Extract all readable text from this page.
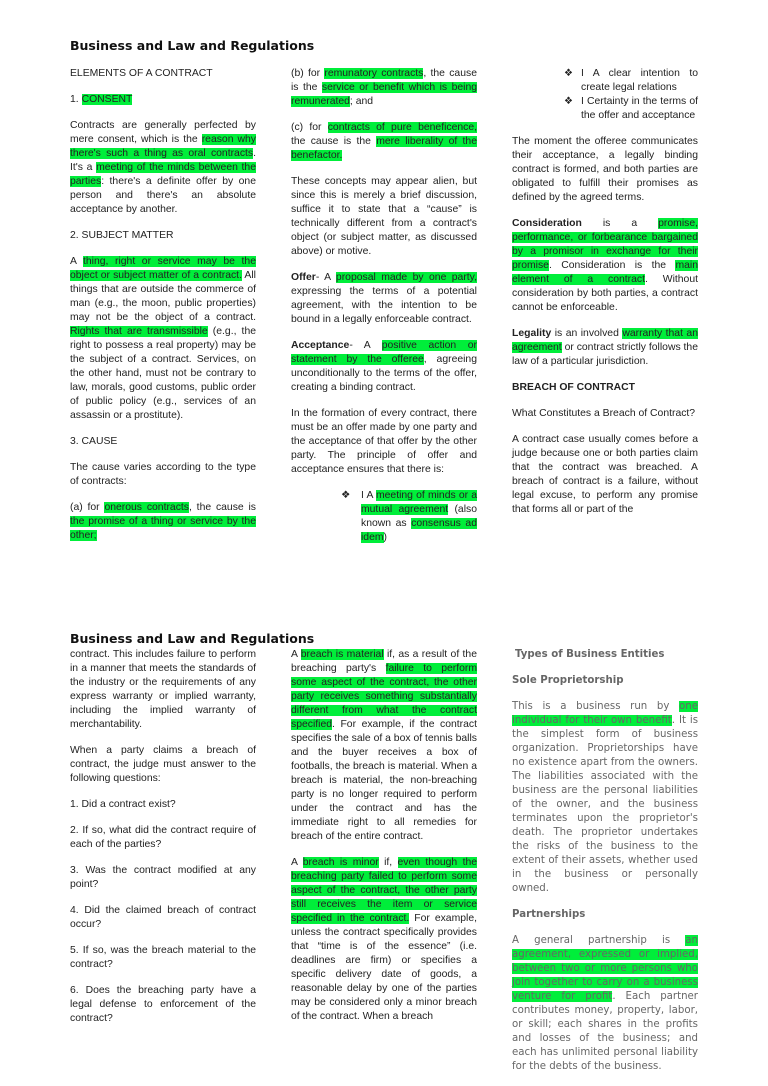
Business and Law and Regulations

ELEMENTS OF A CONTRACT

1. CONSENT

Contracts are generally perfected by mere consent, which is the reason why there's such a thing as oral contracts. It's a meeting of the minds between the parties: there's a definite offer by one person and there's an absolute acceptance by another.

2. SUBJECT MATTER

A thing, right or service may be the object or subject matter of a contract. All things that are outside the commerce of man (e.g., the moon, public properties) may not be the object of a contract. Rights that are transmissible (e.g., the right to possess a real property) may be the subject of a contract. Services, on the other hand, must not be contrary to law, morals, good customs, public order of public policy (e.g., services of an assassin or a prostitute).

3. CAUSE

The cause varies according to the type of contracts:

(a) for onerous contracts, the cause is the promise of a thing or service by the other;

(b) for remunatory contracts, the cause is the service or benefit which is being remunerated; and

(c) for contracts of pure beneficence, the cause is the mere liberality of the benefactor.

These concepts may appear alien, but since this is merely a brief discussion, suffice it to state that a “cause” is technically different from a contract's object (or subject matter, as discussed above) or motive.

Offer- A proposal made by one party, expressing the terms of a potential agreement, with the intention to be bound in a legally enforceable contract.

Acceptance- A positive action or statement by the offeree, agreeing unconditionally to the terms of the offer, creating a binding contract.

In the formation of every contract, there must be an offer made by one party and the acceptance of that offer by the other party. The principle of offer and acceptance ensures that there is:

❖ I A meeting of minds or a mutual agreement (also known as consensus ad idem)
❖ I A clear intention to create legal relations
❖ I Certainty in the terms of the offer and acceptance

The moment the offeree communicates their acceptance, a legally binding contract is formed, and both parties are obligated to fulfill their promises as defined by the agreed terms.

Consideration is a promise, performance, or forbearance bargained by a promisor in exchange for their promise. Consideration is the main element of a contract. Without consideration by both parties, a contract cannot be enforceable.

Legality is an involved warranty that an agreement or contract strictly follows the law of a particular jurisdiction.

BREACH OF CONTRACT

What Constitutes a Breach of Contract?

A contract case usually comes before a judge because one or both parties claim that the contract was breached. A breach of contract is a failure, without legal excuse, to perform any promise that forms all or part of the

Business and Law and Regulations

contract. This includes failure to perform in a manner that meets the standards of the industry or the requirements of any express warranty or implied warranty, including the implied warranty of merchantability.

When a party claims a breach of contract, the judge must answer to the following questions:

1. Did a contract exist?

2. If so, what did the contract require of each of the parties?

3. Was the contract modified at any point?

4. Did the claimed breach of contract occur?

5. If so, was the breach material to the contract?

6. Does the breaching party have a legal defense to enforcement of the contract?

A breach is material if, as a result of the breaching party's failure to perform some aspect of the contract, the other party receives something substantially different from what the contract specified. For example, if the contract specifies the sale of a box of tennis balls and the buyer receives a box of footballs, the breach is material. When a breach is material, the non-breaching party is no longer required to perform under the contract and has the immediate right to all remedies for breach of the entire contract.

A breach is minor if, even though the breaching party failed to perform some aspect of the contract, the other party still receives the item or service specified in the contract. For example, unless the contract specifically provides that “time is of the essence” (i.e. deadlines are firm) or specifies a specific delivery date of goods, a reasonable delay by one of the parties may be considered only a minor breach of the contract. When a breach

Types of Business Entities

Sole Proprietorship

This is a business run by one individual for their own benefit. It is the simplest form of business organization. Proprietorships have no existence apart from the owners. The liabilities associated with the business are the personal liabilities of the owner, and the business terminates upon the proprietor's death. The proprietor undertakes the risks of the business to the extent of their assets, whether used in the business or personally owned.

Partnerships

A general partnership is an agreement, expressed or implied, between two or more persons who join together to carry on a business venture for profit. Each partner contributes money, property, labor, or skill; each shares in the profits and losses of the business; and each has unlimited personal liability for the debts of the business.
